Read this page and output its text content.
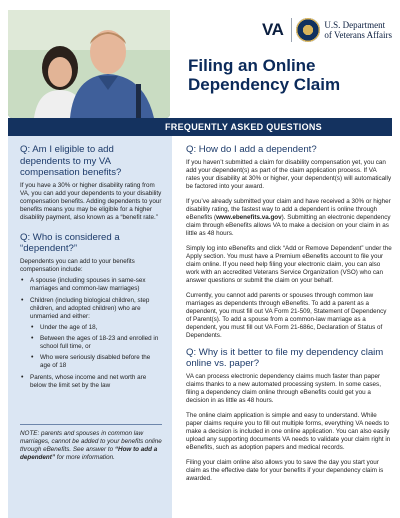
VA	U.S. Department
of Veterans Affairs
Filing an Online
Dependency Claim
FREQUENTLY ASKED QUESTIONS
Q: Am I eligible to add dependents to my VA compensation benefits?

If you have a 30% or higher disability rating from VA, you can add your dependents to your disability compensation benefits. Adding dependents to your benefits means you may be eligible for a higher disability payment, also known as a “benefit rate.”

Q: Who is considered a “dependent?”

Dependents you can add to your benefits compensation include:

• A spouse (including spouses in same-sex marriages and common-law marriages)
• Children (including biological children, step children, and adopted children) who are unmarried and either:
• Under the age of 18,
• Between the ages of 18-23 and enrolled in school full time, or
• Who were seriously disabled before the age of 18
• Parents, whose income and net worth are below the limit set by the law
NOTE: parents and spouses in common law marriages, cannot be added to your benefits online through eBenefits. See answer to “How to add a dependent” for more information.
Q: How do I add a dependent?

If you haven’t submitted a claim for disability compensation yet, you can add your dependent(s) as part of the claim application process. If VA rates your disability at 30% or higher, your dependent(s) will automatically be factored into your award.

If you’ve already submitted your claim and have received a 30% or higher disability rating, the fastest way to add a dependent is online through eBenefits (www.ebenefits.va.gov). Submitting an electronic dependency claim through eBenefits allows VA to make a decision on your claim in as little as 48 hours.

Simply log into eBenefits and click “Add or Remove Dependent” under the Apply section. You must have a Premium eBenefits account to file your claim online. If you need help filing your electronic claim, you can also work with an accredited Veterans Service Organization (VSO) who can answer questions or submit the claim on your behalf.

Currently, you cannot add parents or spouses through common law marriages as dependents through eBenefits. To add a parent as a dependent, you must fill out VA Form 21-509, Statement of Dependency of Parent(s). To add a spouse from a common-law marriage as a dependent, you must fill out VA Form 21-686c, Declaration of Status of Dependents.

Q: Why is it better to file my dependency claim online vs. paper?

VA can process electronic dependency claims much faster than paper claims thanks to a new automated processing system. In some cases, filing a dependency claim online through eBenefits could get you a decision in as little as 48 hours.

The online claim application is simple and easy to understand. While paper claims require you to fill out multiple forms, everything VA needs to make a decision is included in one online application. You can also easily upload any supporting documents VA needs to validate your claim right in eBenefits, such as adoption papers and medical records.

Filing your claim online also allows you to save the day you start your claim as the effective date for your benefits if your dependency claim is awarded.
